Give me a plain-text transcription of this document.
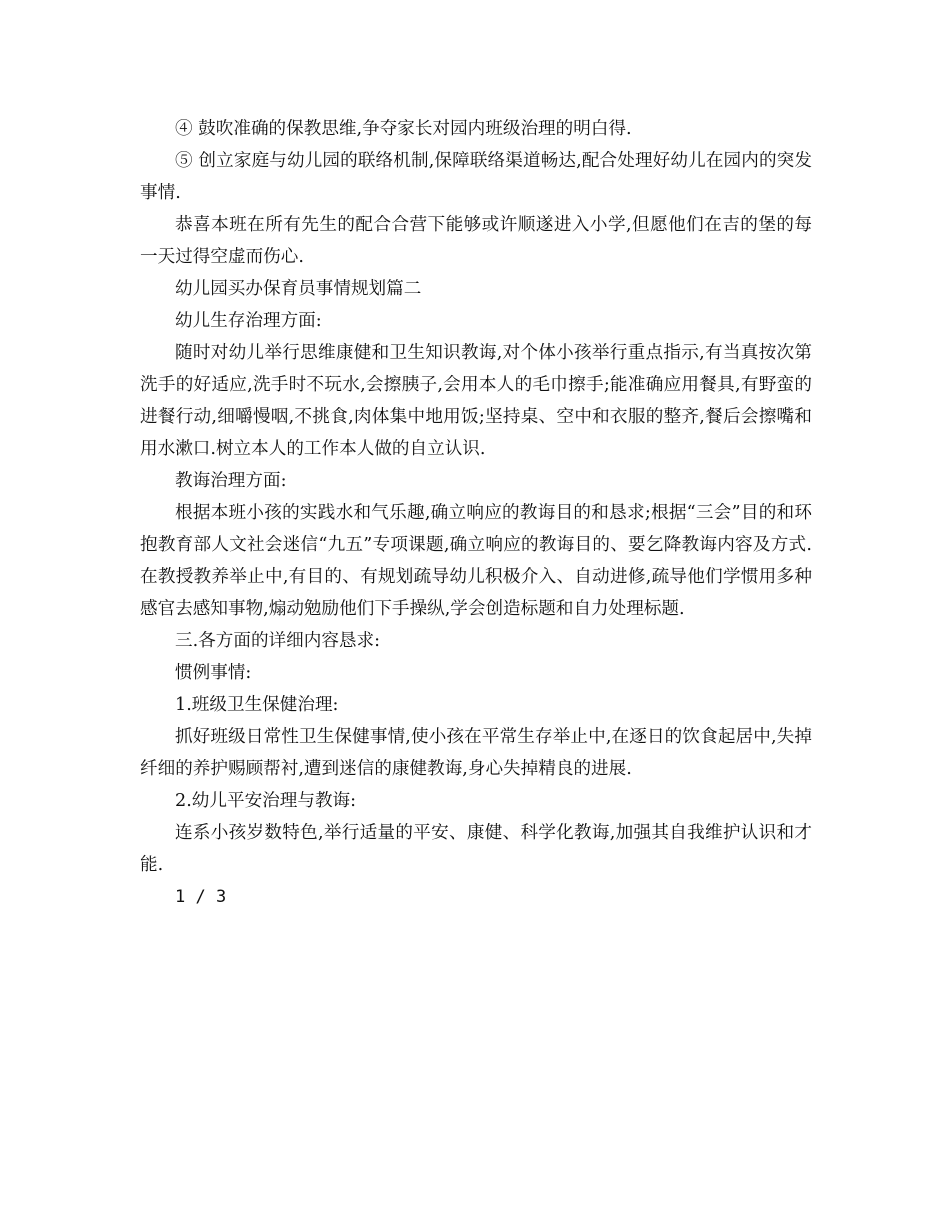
④ 鼓吹准确的保教思维,争夺家长对园内班级治理的明白得.

⑤ 创立家庭与幼儿园的联络机制,保障联络渠道畅达,配合处理好幼儿在园内的突发事情.

恭喜本班在所有先生的配合合营下能够或许顺遂进入小学,但愿他们在吉的堡的每一天过得空虚而伤心.

幼儿园买办保育员事情规划篇二

幼儿生存治理方面:

随时对幼儿举行思维康健和卫生知识教诲,对个体小孩举行重点指示,有当真按次第洗手的好适应,洗手时不玩水,会擦胰子,会用本人的毛巾擦手;能准确应用餐具,有野蛮的进餐行动,细嚼慢咽,不挑食,肉体集中地用饭;坚持桌、空中和衣服的整齐,餐后会擦嘴和用水漱口.树立本人的工作本人做的自立认识.

教诲治理方面:

根据本班小孩的实践水和气乐趣,确立响应的教诲目的和恳求;根据“三会”目的和环抱教育部人文社会迷信“九五”专项课题,确立响应的教诲目的、要乞降教诲内容及方式.在教授教养举止中,有目的、有规划疏导幼儿积极介入、自动进修,疏导他们学惯用多种感官去感知事物,煽动勉励他们下手操纵,学会创造标题和自力处理标题.

三.各方面的详细内容恳求:

惯例事情:

1.班级卫生保健治理:

抓好班级日常性卫生保健事情,使小孩在平常生存举止中,在逐日的饮食起居中,失掉纤细的养护赐顾帮衬,遭到迷信的康健教诲,身心失掉精良的进展.

2.幼儿平安治理与教诲:

连系小孩岁数特色,举行适量的平安、康健、科学化教诲,加强其自我维护认识和才能.

1 / 3
